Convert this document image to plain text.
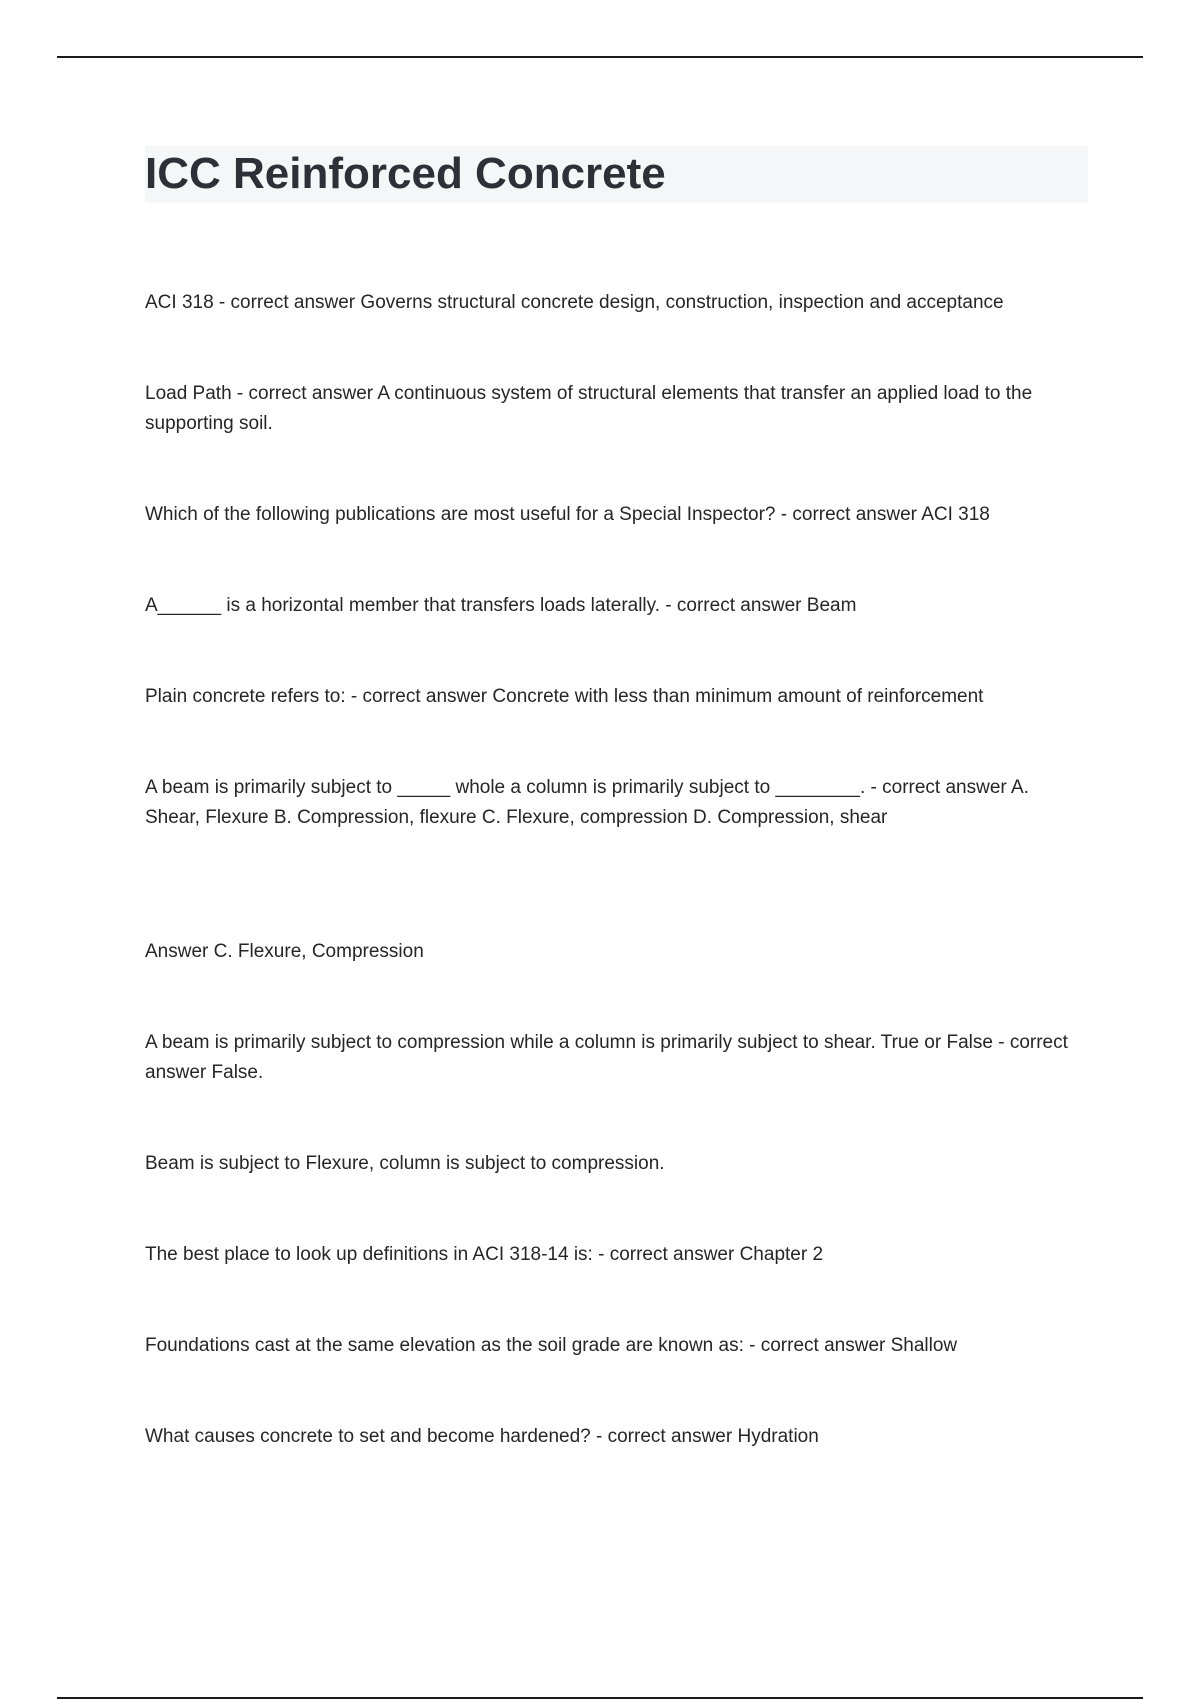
ICC Reinforced Concrete

ACI 318 - correct answer Governs structural concrete design, construction, inspection and acceptance

Load Path - correct answer A continuous system of structural elements that transfer an applied load to the supporting soil.

Which of the following publications are most useful for a Special Inspector? - correct answer ACI 318

A______ is a horizontal member that transfers loads laterally. - correct answer Beam

Plain concrete refers to: - correct answer Concrete with less than minimum amount of reinforcement

A beam is primarily subject to _____ whole a column is primarily subject to ________. - correct answer A. Shear, Flexure B. Compression, flexure C. Flexure, compression D. Compression, shear

Answer C. Flexure, Compression

A beam is primarily subject to compression while a column is primarily subject to shear. True or False - correct answer False.

Beam is subject to Flexure, column is subject to compression.

The best place to look up definitions in ACI 318-14 is: - correct answer Chapter 2

Foundations cast at the same elevation as the soil grade are known as: - correct answer Shallow

What causes concrete to set and become hardened? - correct answer Hydration
